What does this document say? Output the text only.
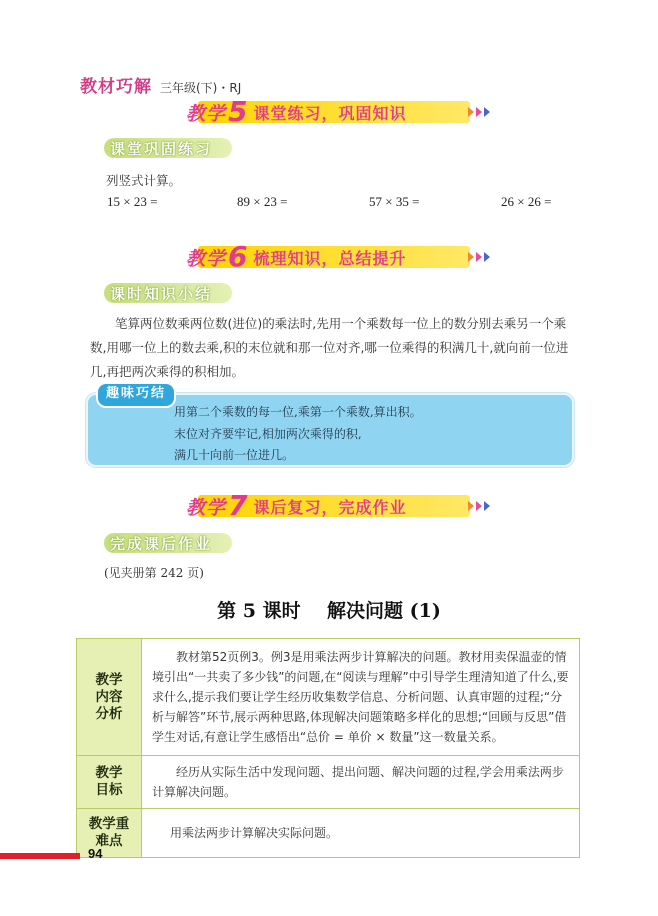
教材巧解 三年级(下)・RJ
教学 5 课堂练习，巩固知识
课堂巩固练习
列竖式计算。
15 × 23 =	89 × 23 =	57 × 35 =	26 × 26 =
教学 6 梳理知识，总结提升
课时知识小结
笔算两位数乘两位数(进位)的乘法时,先用一个乘数每一位上的数分别去乘另一个乘数,用哪一位上的数去乘,积的末位就和那一位对齐,哪一位乘得的积满几十,就向前一位进几,再把两次乘得的积相加。
趣味巧结
用第二个乘数的每一位,乘第一个乘数,算出积。
末位对齐要牢记,相加两次乘得的积,
满几十向前一位进几。
教学 7 课后复习，完成作业
完成课后作业
(见夹册第 242 页)
第 5 课时    解决问题 (1)
教学内容分析	教材第52页例3。例3是用乘法两步计算解决的问题。教材用卖保温壶的情境引出“一共卖了多少钱”的问题,在“阅读与理解”中引导学生理清知道了什么,要求什么,提示我们要让学生经历收集数学信息、分析问题、认真审题的过程;“分析与解答”环节,展示两种思路,体现解决问题策略多样化的思想;“回顾与反思”借学生对话,有意让学生感悟出“总价 = 单价 × 数量”这一数量关系。

教学目标	经历从实际生活中发现问题、提出问题、解决问题的过程,学会用乘法两步计算解决问题。

教学重难点	用乘法两步计算解决实际问题。
94
